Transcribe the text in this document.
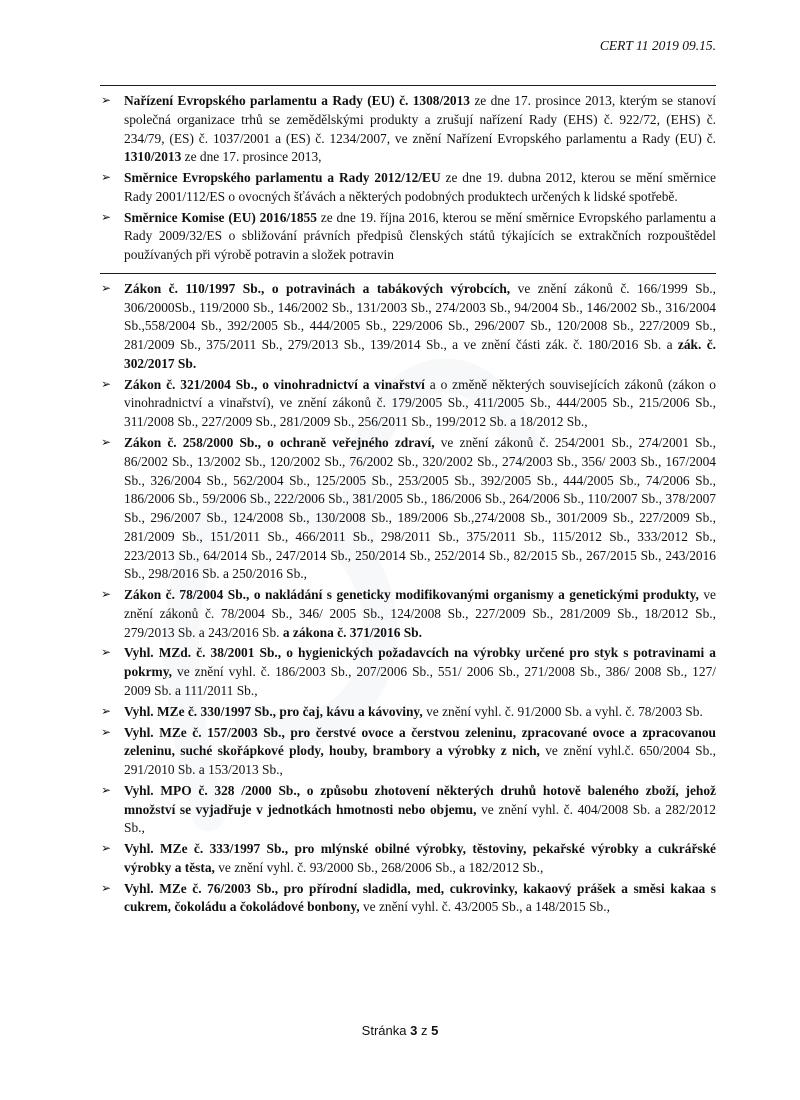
CERT 11 2019 09.15.
➢ Nařízení Evropského parlamentu a Rady (EU) č. 1308/2013 ze dne 17. prosince 2013, kterým se stanoví společná organizace trhů se zemědělskými produkty a zrušují nařízení Rady (EHS) č. 922/72, (EHS) č. 234/79, (ES) č. 1037/2001 a (ES) č. 1234/2007, ve znění Nařízení Evropského parlamentu a Rady (EU) č. 1310/2013 ze dne 17. prosince 2013,
➢ Směrnice Evropského parlamentu a Rady 2012/12/EU ze dne 19. dubna 2012, kterou se mění směrnice Rady 2001/112/ES o ovocných šťávách a některých podobných produktech určených k lidské spotřebě.
➢ Směrnice Komise (EU) 2016/1855 ze dne 19. října 2016, kterou se mění směrnice Evropského parlamentu a Rady 2009/32/ES o sbližování právních předpisů členských států týkajících se extrakčních rozpouštědel používaných při výrobě potravin a složek potravin
➢ Zákon č. 110/1997 Sb., o potravinách a tabákových výrobcích, ve znění zákonů č. 166/1999 Sb., 306/2000Sb., 119/2000 Sb., 146/2002 Sb., 131/2003 Sb., 274/2003 Sb., 94/2004 Sb., 146/2002 Sb., 316/2004 Sb.,558/2004 Sb., 392/2005 Sb., 444/2005 Sb., 229/2006 Sb., 296/2007 Sb., 120/2008 Sb., 227/2009 Sb., 281/2009 Sb., 375/2011 Sb., 279/2013 Sb., 139/2014 Sb., a ve znění části zák. č. 180/2016 Sb. a zák. č. 302/2017 Sb.
➢ Zákon č. 321/2004 Sb., o vinohradnictví a vinařství a o změně některých souvisejících zákonů (zákon o vinohradnictví a vinařství), ve znění zákonů č. 179/2005 Sb., 411/2005 Sb., 444/2005 Sb., 215/2006 Sb., 311/2008 Sb., 227/2009 Sb., 281/2009 Sb., 256/2011 Sb., 199/2012 Sb. a 18/2012 Sb.,
➢ Zákon č. 258/2000 Sb., o ochraně veřejného zdraví, ve znění zákonů č. 254/2001 Sb., 274/2001 Sb., 86/2002 Sb., 13/2002 Sb., 120/2002 Sb., 76/2002 Sb., 320/2002 Sb., 274/2003 Sb., 356/ 2003 Sb., 167/2004 Sb., 326/2004 Sb., 562/2004 Sb., 125/2005 Sb., 253/2005 Sb., 392/2005 Sb., 444/2005 Sb., 74/2006 Sb., 186/2006 Sb., 59/2006 Sb., 222/2006 Sb., 381/2005 Sb., 186/2006 Sb., 264/2006 Sb., 110/2007 Sb., 378/2007 Sb., 296/2007 Sb., 124/2008 Sb., 130/2008 Sb., 189/2006 Sb.,274/2008 Sb., 301/2009 Sb., 227/2009 Sb., 281/2009 Sb., 151/2011 Sb., 466/2011 Sb., 298/2011 Sb., 375/2011 Sb., 115/2012 Sb., 333/2012 Sb., 223/2013 Sb., 64/2014 Sb., 247/2014 Sb., 250/2014 Sb., 252/2014 Sb., 82/2015 Sb., 267/2015 Sb., 243/2016 Sb., 298/2016 Sb. a 250/2016 Sb.,
➢ Zákon č. 78/2004 Sb., o nakládání s geneticky modifikovanými organismy a genetickými produkty, ve znění zákonů č. 78/2004 Sb., 346/ 2005 Sb., 124/2008 Sb., 227/2009 Sb., 281/2009 Sb., 18/2012 Sb., 279/2013 Sb. a 243/2016 Sb. a zákona č. 371/2016 Sb.
➢ Vyhl. MZd. č. 38/2001 Sb., o hygienických požadavcích na výrobky určené pro styk s potravinami a pokrmy, ve znění vyhl. č. 186/2003 Sb., 207/2006 Sb., 551/ 2006 Sb., 271/2008 Sb., 386/ 2008 Sb., 127/ 2009 Sb. a 111/2011 Sb.,
➢ Vyhl. MZe č. 330/1997 Sb., pro čaj, kávu a kávoviny, ve znění vyhl. č. 91/2000 Sb. a vyhl. č. 78/2003 Sb.
➢ Vyhl. MZe č. 157/2003 Sb., pro čerstvé ovoce a čerstvou zeleninu, zpracované ovoce a zpracovanou zeleninu, suché skořápkové plody, houby, brambory a výrobky z nich, ve znění vyhl.č. 650/2004 Sb., 291/2010 Sb. a 153/2013 Sb.,
➢ Vyhl. MPO č. 328 /2000 Sb., o způsobu zhotovení některých druhů hotově baleného zboží, jehož množství se vyjadřuje v jednotkách hmotnosti nebo objemu, ve znění vyhl. č. 404/2008 Sb. a 282/2012 Sb.,
➢ Vyhl. MZe č. 333/1997 Sb., pro mlýnské obilné výrobky, těstoviny, pekařské výrobky a cukrářské výrobky a těsta, ve znění vyhl. č. 93/2000 Sb., 268/2006 Sb., a 182/2012 Sb.,
➢ Vyhl. MZe č. 76/2003 Sb., pro přírodní sladidla, med, cukrovinky, kakaový prášek a směsi kakaa s cukrem, čokoládu a čokoládové bonbony, ve znění vyhl. č. 43/2005 Sb., a 148/2015 Sb.,
Stránka 3 z 5
